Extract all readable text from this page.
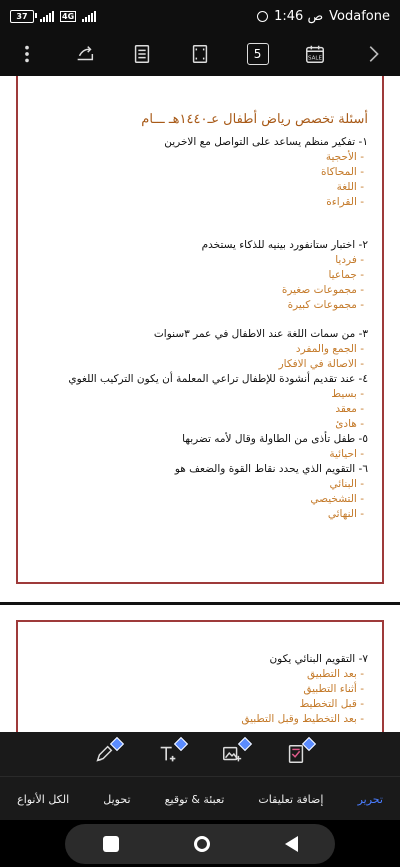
37	4G	1:46 ص Vodafone
5	SALE
أسئلة تخصص رياض أطفال عـ١٤٤٠هـ ـــام
١- تفكير منظم يساعد على التواصل مع الاخرين
- الأحجية
- المحاكاة
- اللغة
- القراءة
٢- اختبار ستانفورد بينيه للذكاء يستخدم
- فرديا
- جماعيا
- مجموعات صغيرة
- مجموعات كبيرة
٣- من سمات اللغة عند الاطفال في عمر ٣سنوات
- الجمع والمفرد
- الاصالة في الافكار
٤- عند تقديم أنشودة للإطفال تراعي المعلمة أن يكون التركيب اللغوي
- بسيط
- معقد
- هادئ
٥- طفل تأذى من الطاولة وقال لأمه تضربها
- احيائية
٦- التقويم الذي يحدد نقاط القوة والضعف هو
- البنائي
- التشخيصي
- النهائي
٧- التقويم البنائي يكون
- بعد التطبيق
- أثناء التطبيق
- قبل التخطيط
- بعد التخطيط وقبل التطبيق
تحرير
إضافة تعليقات
تعبئة & توقيع
تحويل
الكل الأنواع
